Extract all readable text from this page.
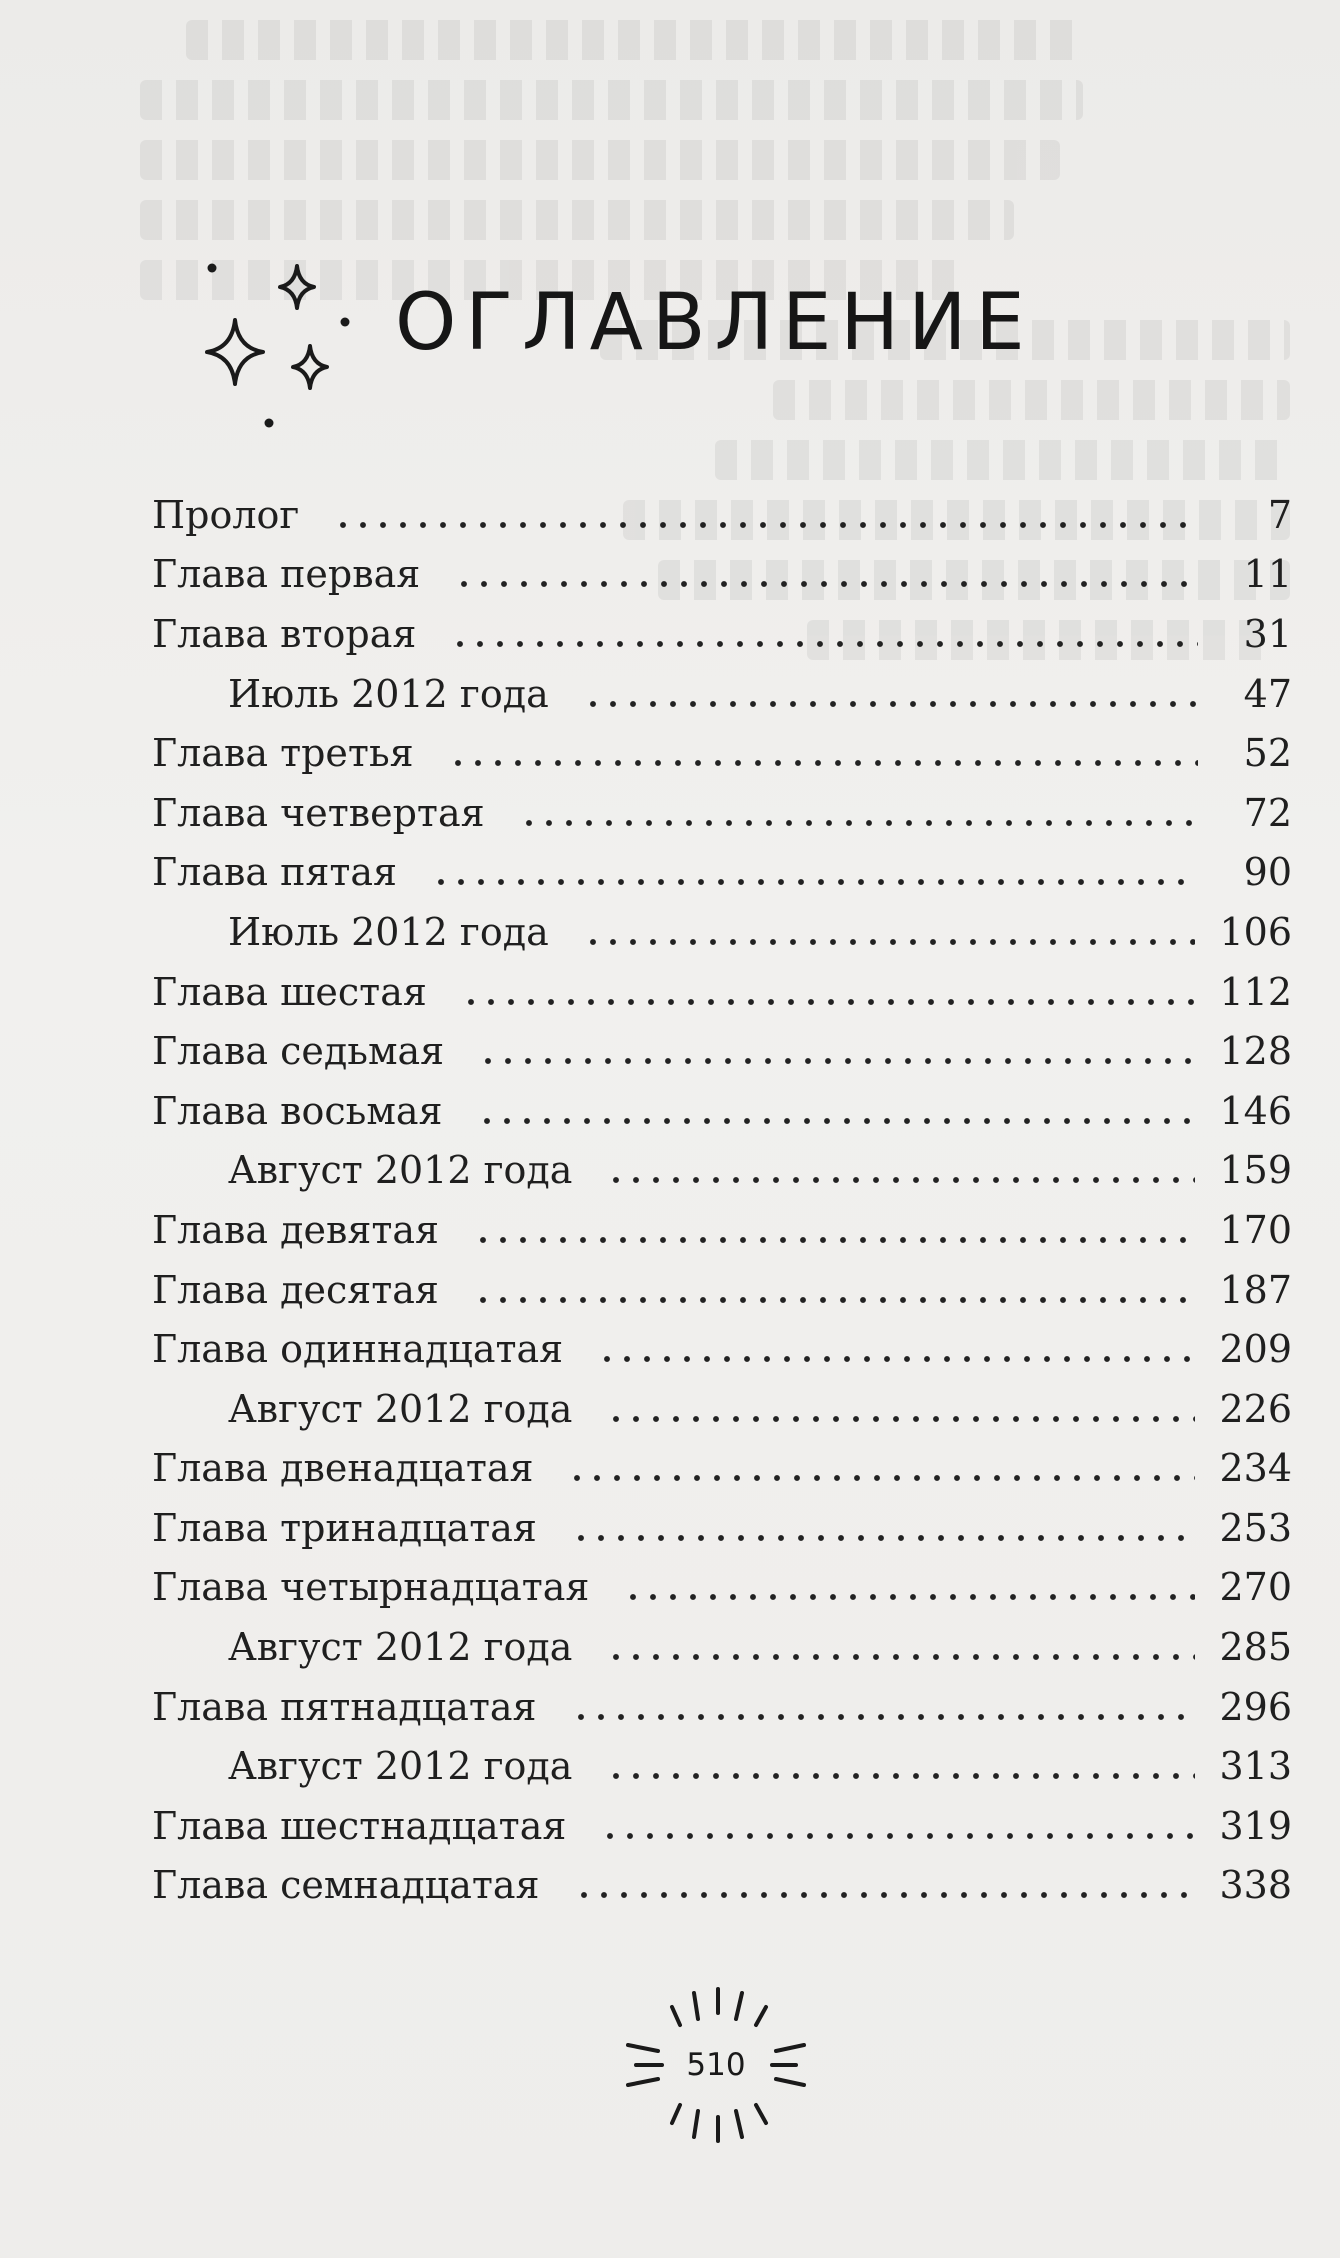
ОГЛАВЛЕНИЕ
Пролог	7
Глава первая	11
Глава вторая	31
Июль 2012 года	47
Глава третья	52
Глава четвертая	72
Глава пятая	90
Июль 2012 года	106
Глава шестая	112
Глава седьмая	128
Глава восьмая	146
Август 2012 года	159
Глава девятая	170
Глава десятая	187
Глава одиннадцатая	209
Август 2012 года	226
Глава двенадцатая	234
Глава тринадцатая	253
Глава четырнадцатая	270
Август 2012 года	285
Глава пятнадцатая	296
Август 2012 года	313
Глава шестнадцатая	319
Глава семнадцатая	338
510
